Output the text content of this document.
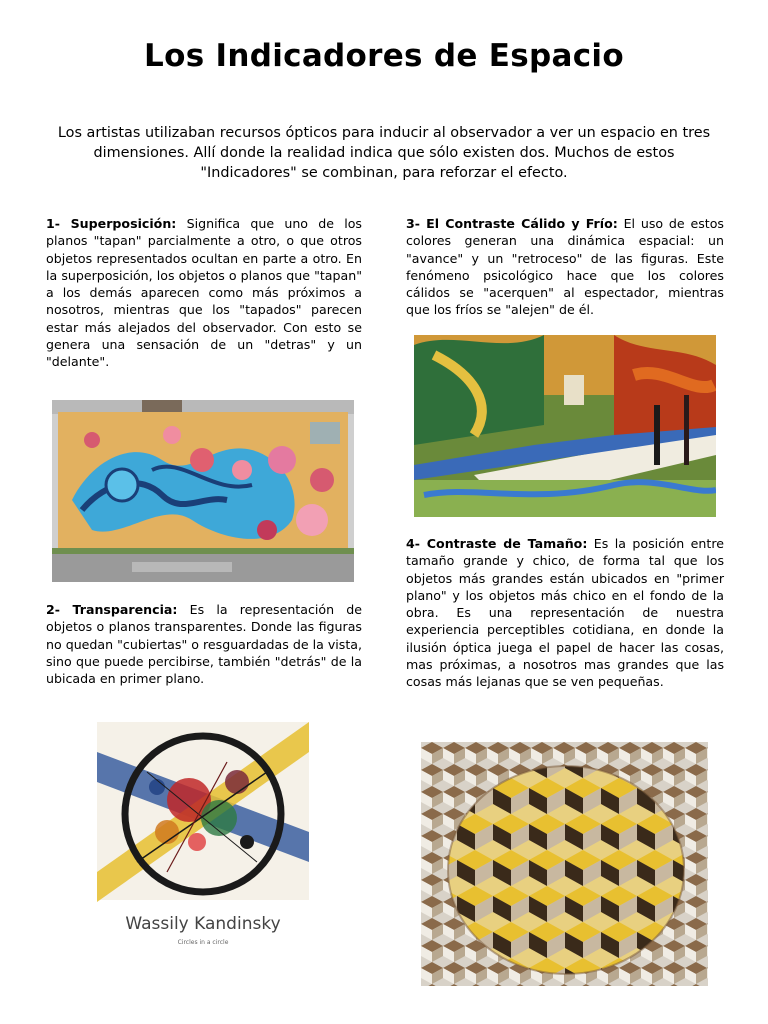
Los Indicadores de Espacio
Los artistas utilizaban recursos ópticos para inducir al observador a ver un espacio en tres dimensiones. Allí donde la realidad indica que sólo existen dos. Muchos de estos "Indicadores" se combinan, para reforzar el efecto.
1- Superposición: Significa que uno de los planos "tapan" parcialmente a otro, o que otros objetos representados ocultan en parte a otro. En la superposición, los objetos o planos que "tapan" a los demás aparecen como más próximos a nosotros, mientras que los "tapados" parecen estar más alejados del observador. Con esto se genera una sensación de un "detras" y un "delante".
2- Transparencia: Es la representación de objetos o planos transparentes. Donde las figuras no quedan "cubiertas" o resguardadas de la vista, sino que puede percibirse, también "detrás" de la ubicada en primer plano.
Wassily Kandinsky
Circles in a circle
3- El Contraste Cálido y Frío: El uso de estos colores generan una dinámica espacial: un "avance" y un "retroceso" de las figuras. Este fenómeno psicológico hace que los colores cálidos se "acerquen" al espectador, mientras que los fríos se "alejen" de él.
4- Contraste de Tamaño: Es la posición entre tamaño grande y chico, de forma tal que los objetos más grandes están ubicados en "primer plano" y los objetos más chico en el fondo de la obra. Es una representación de nuestra experiencia perceptibles cotidiana, en donde la ilusión óptica juega el papel de hacer las cosas, mas próximas, a nosotros mas grandes que las cosas más lejanas que se ven pequeñas.
